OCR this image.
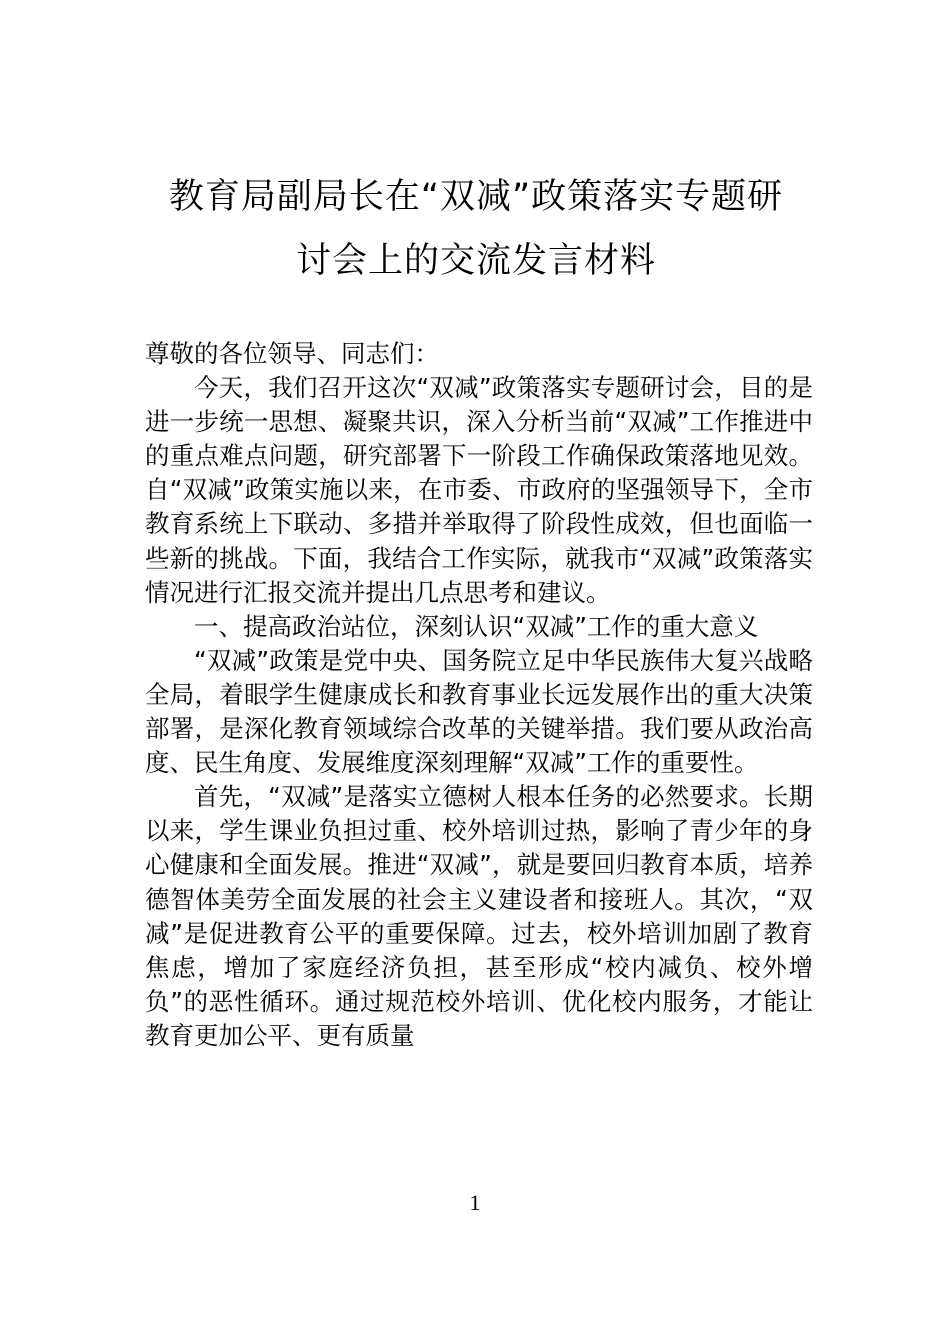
教育局副局长在“双减”政策落实专题研
讨会上的交流发言材料

尊敬的各位领导、同志们：

今天，我们召开这次“双减”政策落实专题研讨会，目的是进一步统一思想、凝聚共识，深入分析当前“双减”工作推进中的重点难点问题，研究部署下一阶段工作确保政策落地见效。自“双减”政策实施以来，在市委、市政府的坚强领导下，全市教育系统上下联动、多措并举取得了阶段性成效，但也面临一些新的挑战。下面，我结合工作实际，就我市“双减”政策落实情况进行汇报交流并提出几点思考和建议。

一、提高政治站位，深刻认识“双减”工作的重大意义

“双减”政策是党中央、国务院立足中华民族伟大复兴战略全局，着眼学生健康成长和教育事业长远发展作出的重大决策部署，是深化教育领域综合改革的关键举措。我们要从政治高度、民生角度、发展维度深刻理解“双减”工作的重要性。

首先，“双减”是落实立德树人根本任务的必然要求。长期以来，学生课业负担过重、校外培训过热，影响了青少年的身心健康和全面发展。推进“双减”，就是要回归教育本质，培养德智体美劳全面发展的社会主义建设者和接班人。其次，“双减”是促进教育公平的重要保障。过去，校外培训加剧了教育焦虑，增加了家庭经济负担，甚至形成“校内减负、校外增负”的恶性循环。通过规范校外培训、优化校内服务，才能让教育更加公平、更有质量

1
